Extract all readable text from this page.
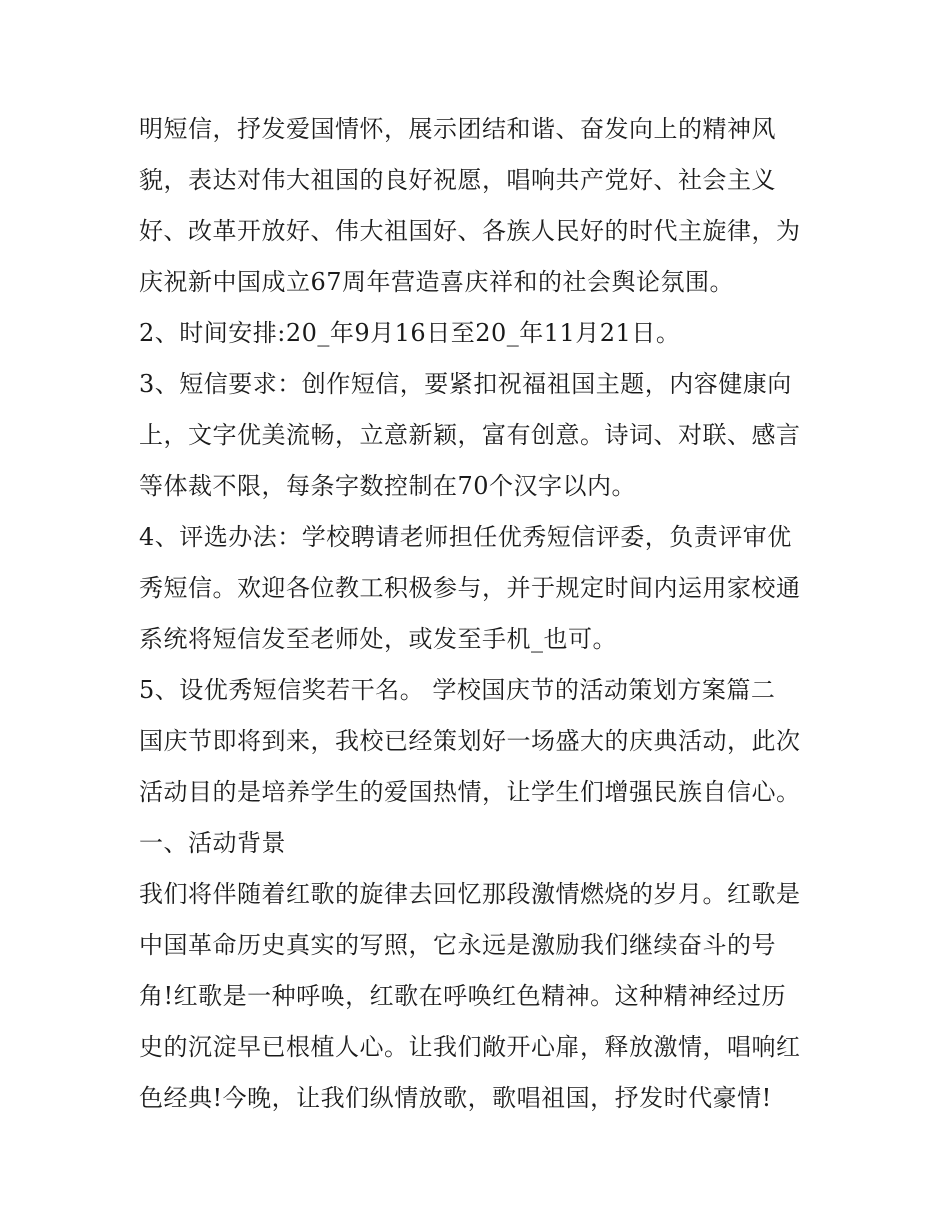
明短信，抒发爱国情怀，展示团结和谐、奋发向上的精神风
貌，表达对伟大祖国的良好祝愿，唱响共产党好、社会主义
好、改革开放好、伟大祖国好、各族人民好的时代主旋律，为
庆祝新中国成立67周年营造喜庆祥和的社会舆论氛围。
2、时间安排:20_年9月16日至20_年11月21日。
3、短信要求：创作短信，要紧扣祝福祖国主题，内容健康向
上，文字优美流畅，立意新颖，富有创意。诗词、对联、感言
等体裁不限，每条字数控制在70个汉字以内。
4、评选办法：学校聘请老师担任优秀短信评委，负责评审优
秀短信。欢迎各位教工积极参与，并于规定时间内运用家校通
系统将短信发至老师处，或发至手机_也可。
5、设优秀短信奖若干名。 学校国庆节的活动策划方案篇二
国庆节即将到来，我校已经策划好一场盛大的庆典活动，此次
活动目的是培养学生的爱国热情，让学生们增强民族自信心。
一、活动背景
我们将伴随着红歌的旋律去回忆那段激情燃烧的岁月。红歌是
中国革命历史真实的写照，它永远是激励我们继续奋斗的号
角!红歌是一种呼唤，红歌在呼唤红色精神。这种精神经过历
史的沉淀早已根植人心。让我们敞开心扉，释放激情，唱响红
色经典!今晚，让我们纵情放歌，歌唱祖国，抒发时代豪情!
